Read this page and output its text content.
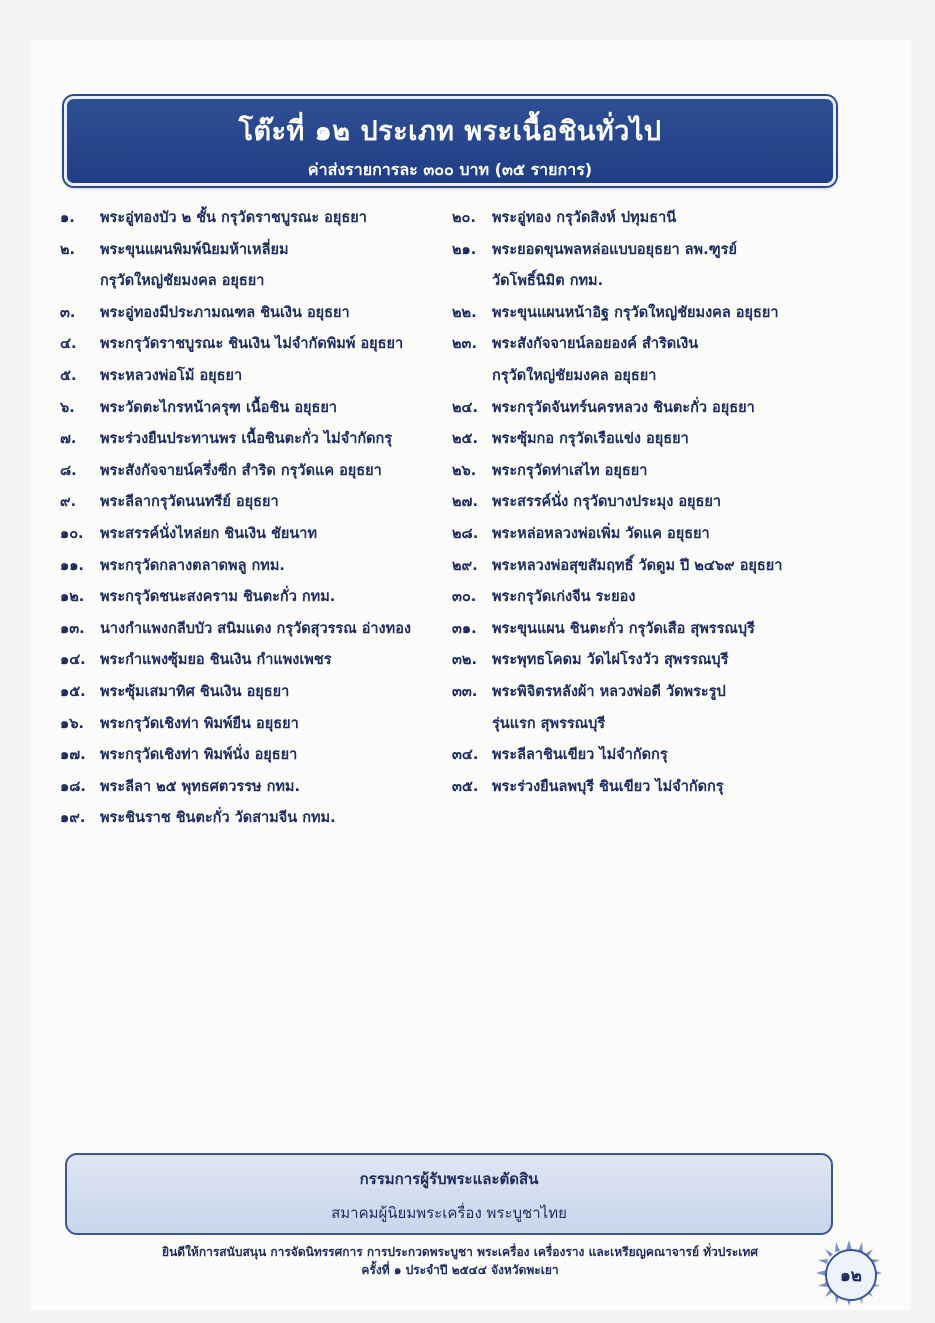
โต๊ะที่ ๑๒ ประเภท พระเนื้อชินทั่วไป
ค่าส่งรายการละ ๓๐๐ บาท (๓๕ รายการ)
๑.	พระอู่ทองบัว ๒ ชั้น กรุวัดราชบูรณะ อยุธยา
๒.	พระขุนแผนพิมพ์นิยมห้าเหลี่ยม
กรุวัดใหญ่ชัยมงคล อยุธยา
๓.	พระอู่ทองมีประภามณฑล ชินเงิน อยุธยา
๔.	พระกรุวัดราชบูรณะ ชินเงิน ไม่จำกัดพิมพ์ อยุธยา
๕.	พระหลวงพ่อโม้ อยุธยา
๖.	พระวัดตะไกรหน้าครุฑ เนื้อชิน อยุธยา
๗.	พระร่วงยืนประทานพร เนื้อชินตะกั่ว ไม่จำกัดกรุ
๘.	พระสังกัจจายน์ครึ่งซีก สำริด กรุวัดแค อยุธยา
๙.	พระลีลากรุวัดนนทรีย์ อยุธยา
๑๐.	พระสรรค์นั่งไหล่ยก ชินเงิน ชัยนาท
๑๑.	พระกรุวัดกลางตลาดพลู กทม.
๑๒.	พระกรุวัดชนะสงคราม ชินตะกั่ว กทม.
๑๓.	นางกำแพงกลีบบัว สนิมแดง กรุวัดสุวรรณ อ่างทอง
๑๔. พระกำแพงซุ้มยอ ชินเงิน กำแพงเพชร
๑๕. พระซุ้มเสมาทิศ ชินเงิน อยุธยา
๑๖.	พระกรุวัดเชิงท่า พิมพ์ยืน อยุธยา
๑๗. พระกรุวัดเชิงท่า พิมพ์นั่ง อยุธยา
๑๘. พระลีลา ๒๕ พุทธศตวรรษ กทม.
๑๙.	พระชินราช ชินตะกั่ว วัดสามจีน กทม.
๒๐.	พระอู่ทอง กรุวัดสิงห์ ปทุมธานี
๒๑.	พระยอดขุนพลหล่อแบบอยุธยา ลพ.ฑูรย์
วัดโพธิ์นิมิต กทม.
๒๒.	พระขุนแผนหน้าอิฐ กรุวัดใหญ่ชัยมงคล อยุธยา
๒๓.	พระสังกัจจายน์ลอยองค์ สำริดเงิน
กรุวัดใหญ่ชัยมงคล อยุธยา
๒๔. พระกรุวัดจันทร์นครหลวง ชินตะกั่ว อยุธยา
๒๕. พระซุ้มกอ กรุวัดเรือแข่ง อยุธยา
๒๖.	พระกรุวัดท่าเสไท อยุธยา
๒๗. พระสรรค์นั่ง กรุวัดบางประมุง อยุธยา
๒๘. พระหล่อหลวงพ่อเพิ่ม วัดแค อยุธยา
๒๙. พระหลวงพ่อสุขสัมฤทธิ์ วัดดูม ปี ๒๔๖๙ อยุธยา
๓๐.	พระกรุวัดเก่งจีน ระยอง
๓๑.	พระขุนแผน ชินตะกั่ว กรุวัดเสือ สุพรรณบุรี
๓๒.	พระพุทธโคดม วัดไผ่โรงวัว สุพรรณบุรี
๓๓.	พระพิจิตรหลังผ้า หลวงพ่อดี วัดพระรูป
รุ่นแรก สุพรรณบุรี
๓๔. พระลีลาชินเขียว ไม่จำกัดกรุ
๓๕. พระร่วงยืนลพบุรี ชินเขียว ไม่จำกัดกรุ
กรรมการผู้รับพระและตัดสิน
สมาคมผู้นิยมพระเครื่อง พระบูชาไทย
ยินดีให้การสนับสนุน การจัดนิทรรศการ การประกวดพระบูชา พระเครื่อง เครื่องราง และเหรียญคณาจารย์ ทั่วประเทศ
ครั้งที่ ๑ ประจำปี ๒๕๔๔ จังหวัดพะเยา	๑๒
